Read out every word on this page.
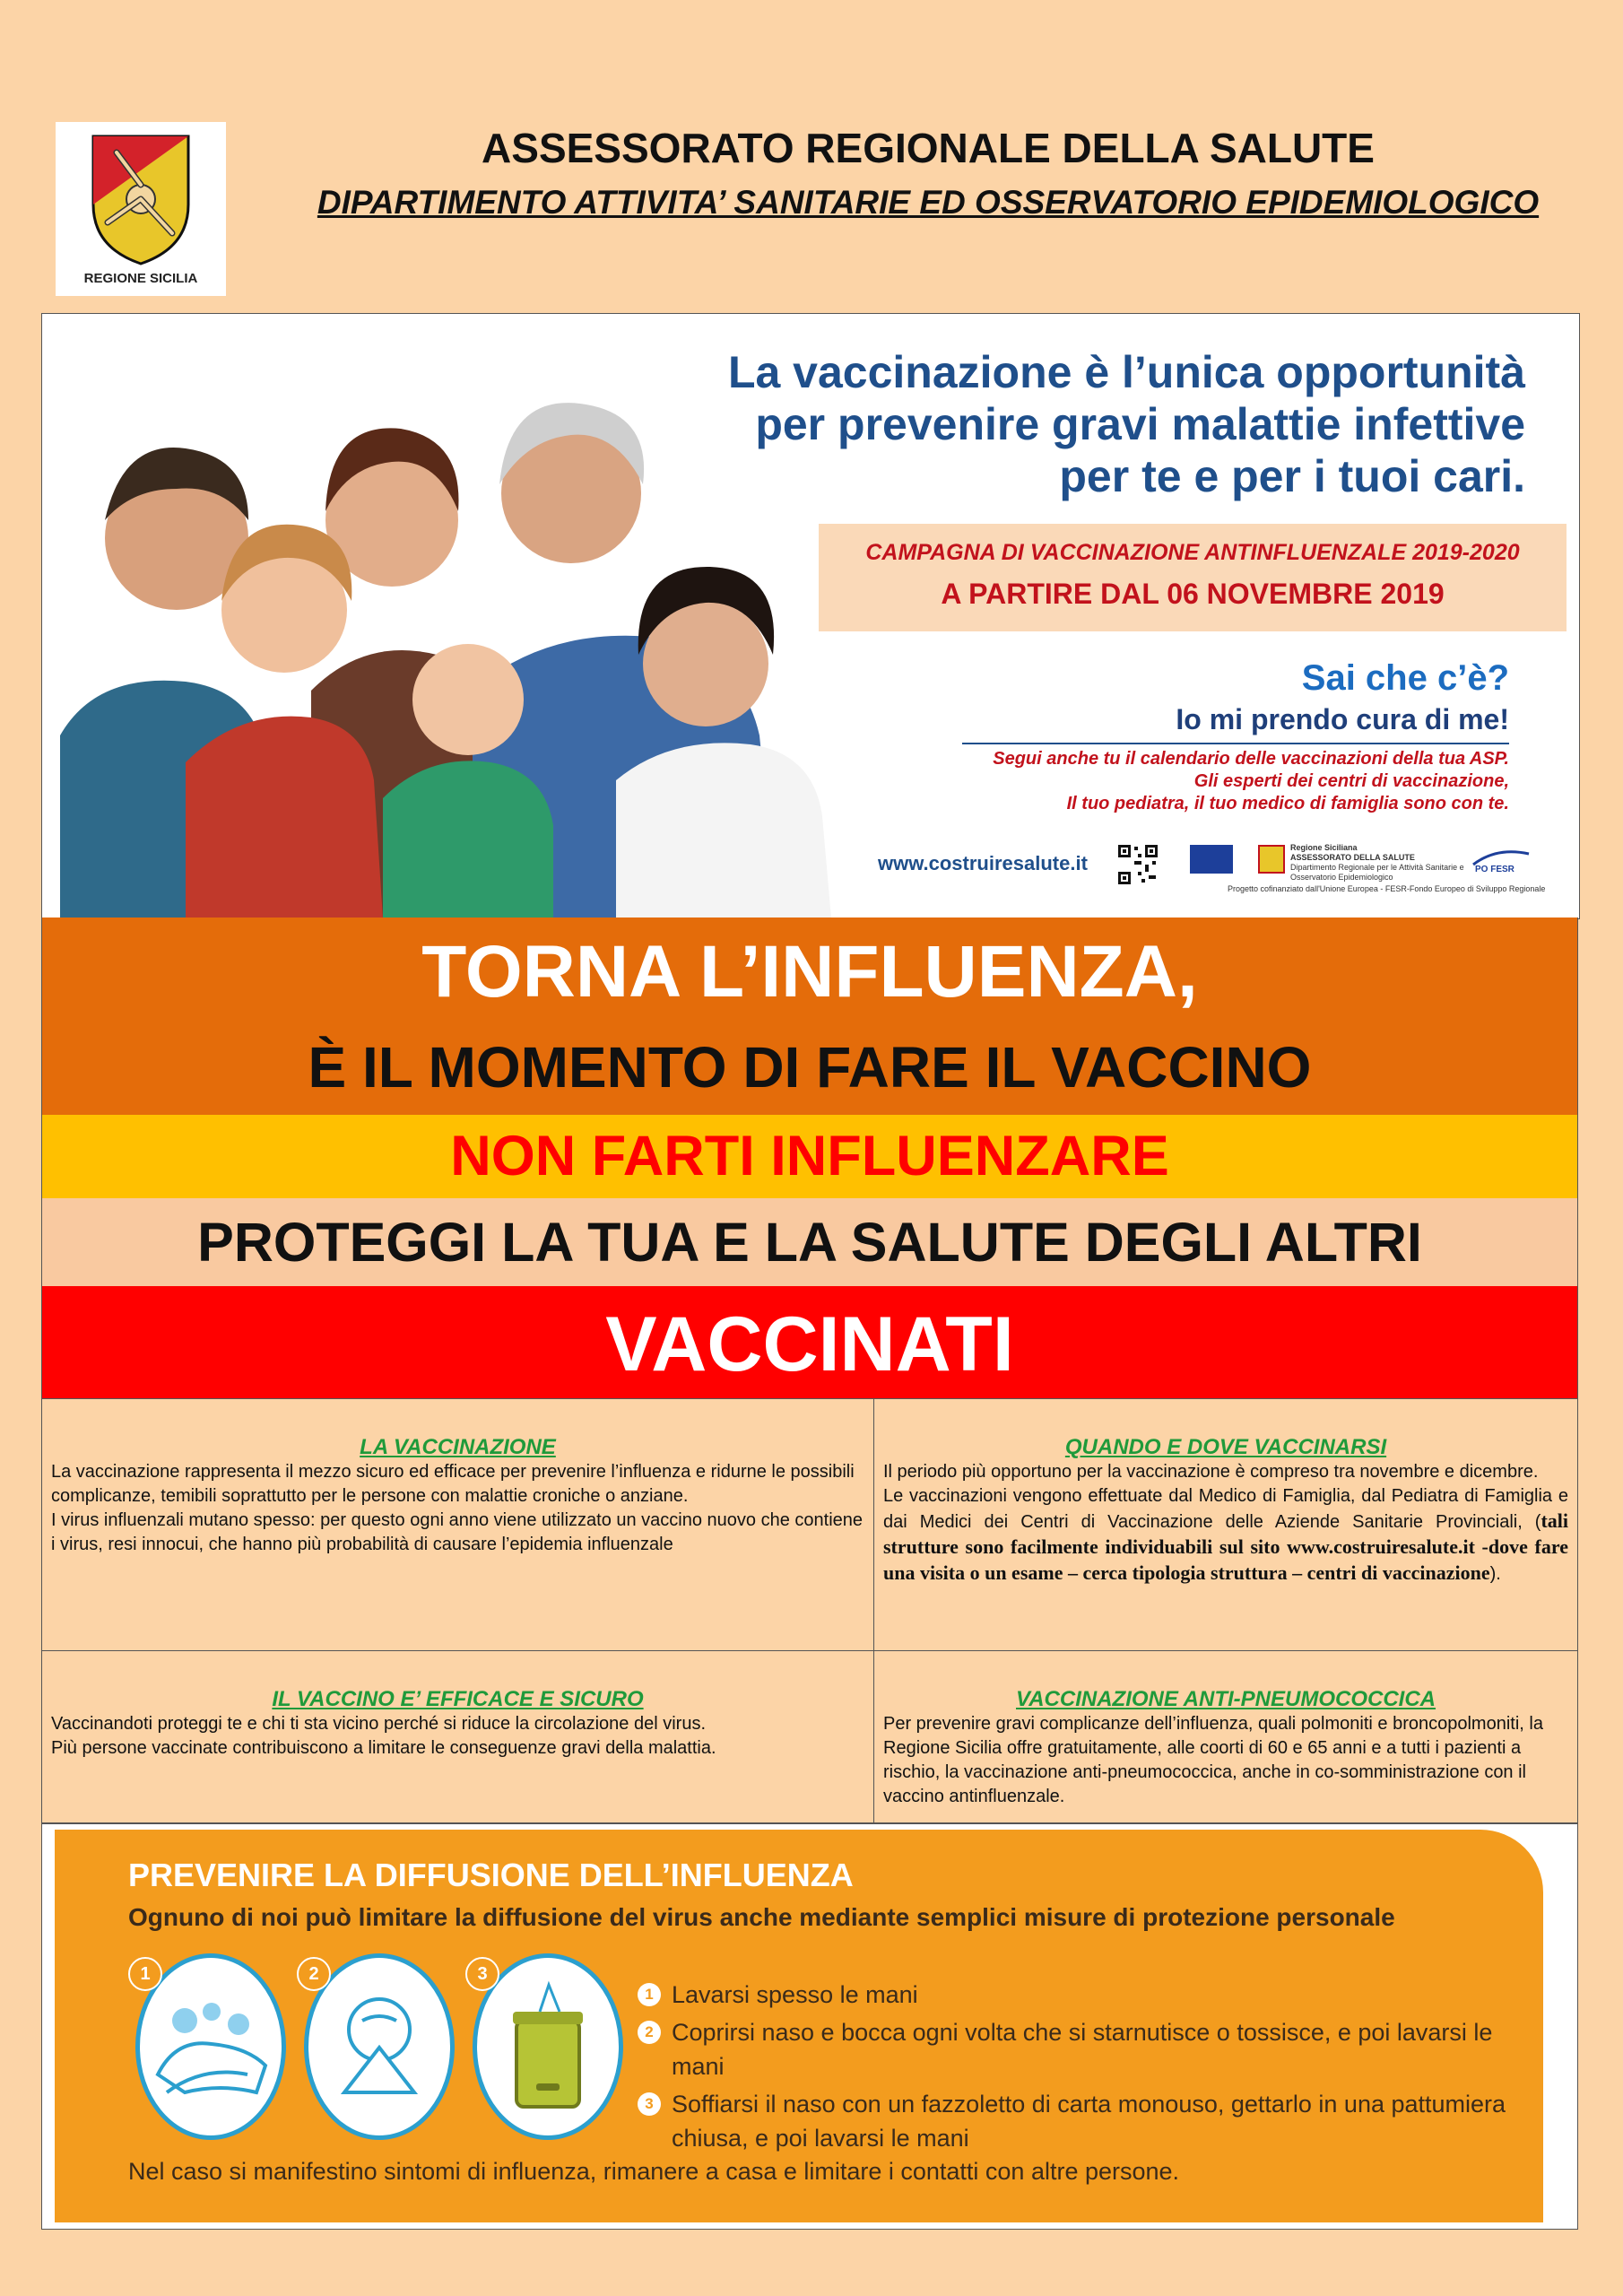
REGIONE SICILIA
ASSESSORATO REGIONALE DELLA SALUTE
DIPARTIMENTO ATTIVITA’ SANITARIE ED OSSERVATORIO EPIDEMIOLOGICO
La vaccinazione è l’unica opportunità
per prevenire gravi malattie infettive
per te e per i tuoi cari.
CAMPAGNA DI VACCINAZIONE ANTINFLUENZALE 2019-2020
A PARTIRE DAL 06 NOVEMBRE 2019
Sai che c’è?
Io mi prendo cura di me!
Segui anche tu il calendario delle vaccinazioni della tua ASP.
Gli esperti dei centri di vaccinazione,
Il tuo pediatra, il tuo medico di famiglia sono con te.
www.costruiresalute.it
Regione Siciliana
ASSESSORATO DELLA SALUTE
Dipartimento Regionale per le Attività Sanitarie e Osservatorio Epidemiologico
PO FESR
Progetto cofinanziato dall'Unione Europea - FESR-Fondo Europeo di Sviluppo Regionale
TORNA L’INFLUENZA,
È IL MOMENTO DI FARE IL VACCINO
NON FARTI INFLUENZARE
PROTEGGI LA TUA E LA SALUTE DEGLI ALTRI
VACCINATI
LA VACCINAZIONE

La vaccinazione rappresenta il mezzo sicuro ed efficace per prevenire l’influenza e ridurne le possibili complicanze, temibili soprattutto per le persone con malattie croniche o anziane.

I virus influenzali mutano spesso: per questo ogni anno viene utilizzato un vaccino nuovo che contiene i virus, resi innocui, che hanno più probabilità di causare l’epidemia influenzale

QUANDO E DOVE VACCINARSI

Il periodo più opportuno per la vaccinazione è compreso tra novembre e dicembre.

Le vaccinazioni vengono effettuate dal Medico di Famiglia, dal Pediatra di Famiglia e dai Medici dei Centri di Vaccinazione delle Aziende Sanitarie Provinciali, (tali strutture sono facilmente individuabili sul sito www.costruiresalute.it -dove fare una visita o un esame – cerca tipologia struttura – centri di vaccinazione).

IL VACCINO E’ EFFICACE E SICURO

Vaccinandoti proteggi te e chi ti sta vicino perché si riduce la circolazione del virus.

Più persone vaccinate contribuiscono a limitare le conseguenze gravi della malattia.

VACCINAZIONE ANTI-PNEUMOCOCCICA

Per prevenire gravi complicanze dell’influenza, quali polmoniti e broncopolmoniti, la Regione Sicilia offre gratuitamente, alle coorti di 60 e 65 anni e a tutti i pazienti a rischio, la vaccinazione anti-pneumococcica, anche in co-somministrazione con il vaccino antinfluenzale.

PREVENIRE LA DIFFUSIONE DELL’INFLUENZA
Ognuno di noi può limitare la diffusione del virus anche mediante semplici misure di protezione personale
1	2	3
1 Lavarsi spesso le mani
2 Coprirsi naso e bocca ogni volta che si starnutisce o tossisce, e poi lavarsi le mani
3 Soffiarsi il naso con un fazzoletto di carta monouso, gettarlo in una pattumiera chiusa, e poi lavarsi le mani
Nel caso si manifestino sintomi di influenza, rimanere a casa e limitare i contatti con altre persone.
